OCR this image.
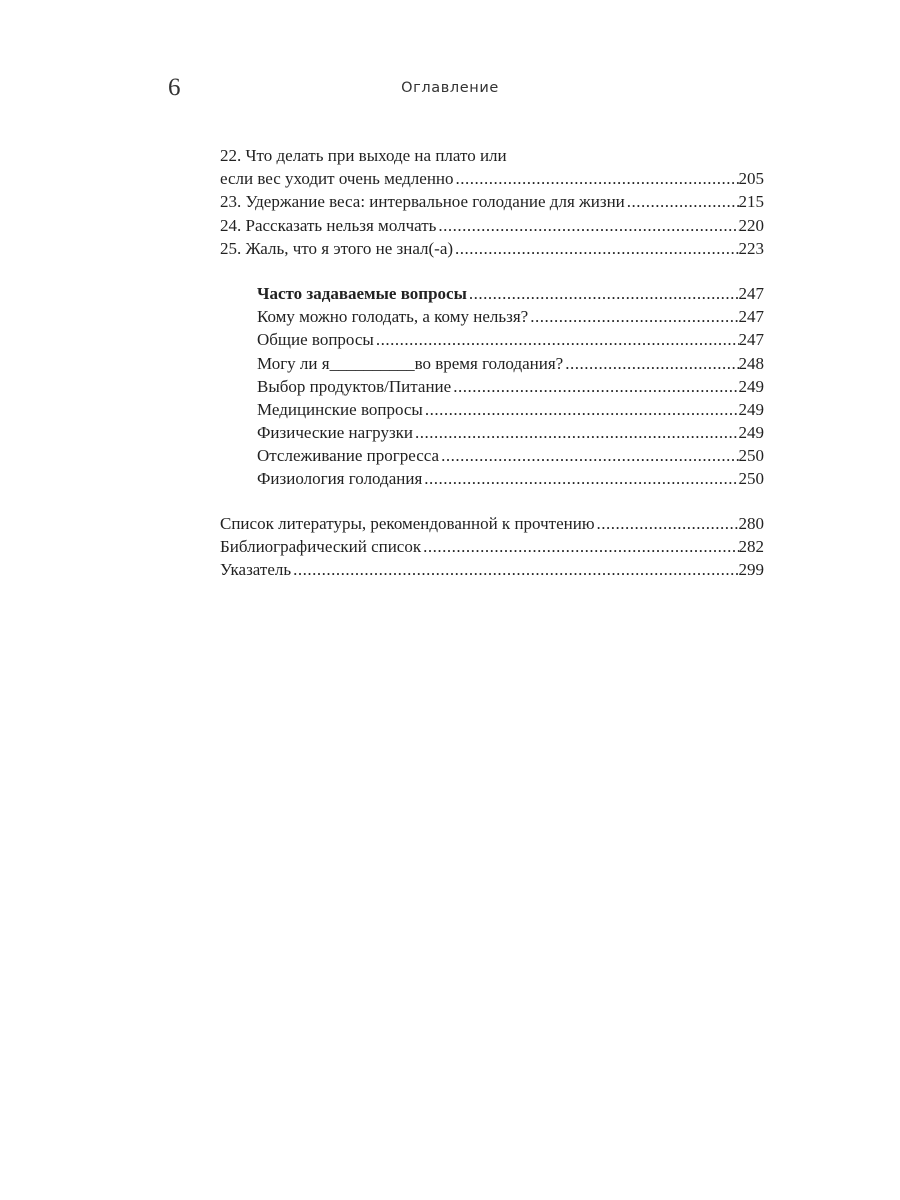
6	Оглавление
22. Что делать при выходе на плато или
если вес уходит очень медленно .....	205
23. Удержание веса: интервальное голодание для жизни .....	215
24. Рассказать нельзя молчать .....	220
25. Жаль, что я этого не знал(-а) .....	223
Часто задаваемые вопросы .....	247
Кому можно голодать, а кому нельзя? .....	247
Общие вопросы .....	247
Могу ли я__________во время голодания? .....	248
Выбор продуктов/Питание .....	249
Медицинские вопросы .....	249
Физические нагрузки .....	249
Отслеживание прогресса .....	250
Физиология голодания .....	250
Список литературы, рекомендованной к прочтению .....	280
Библиографический список .....	282
Указатель .....	299
